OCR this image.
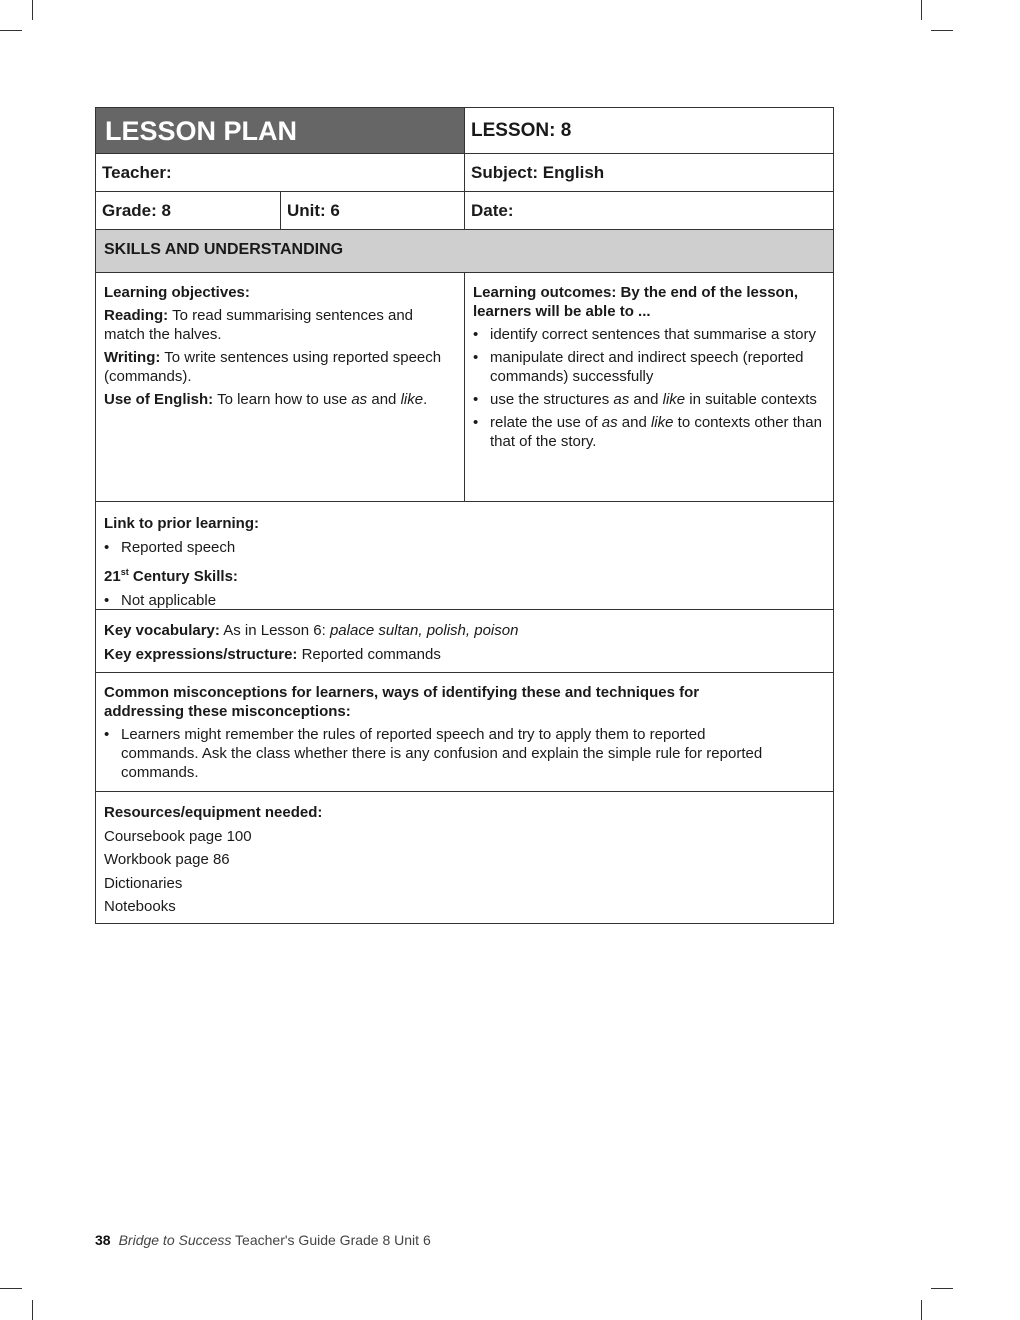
LESSON PLAN	LESSON: 8
Teacher:	Subject: English
Grade: 8	Unit: 6	Date:
SKILLS AND UNDERSTANDING

Learning objectives:

Reading: To read summarising sentences and match the halves.

Writing: To write sentences using reported speech (commands).

Use of English: To learn how to use as and like.

Learning outcomes: By the end of the lesson, learners will be able to ...

• identify correct sentences that summarise a story
• manipulate direct and indirect speech (reported commands) successfully
• use the structures as and like in suitable contexts
• relate the use of as and like to contexts other than that of the story.
Link to prior learning:
• Reported speech
21st Century Skills:
• Not applicable
Key vocabulary: As in Lesson 6: palace sultan, polish, poison
Key expressions/structure: Reported commands

Common misconceptions for learners, ways of identifying these and techniques for addressing these misconceptions:

• Learners might remember the rules of reported speech and try to apply them to reported commands. Ask the class whether there is any confusion and explain the simple rule for reported commands.
Resources/equipment needed:
Coursebook page 100
Workbook page 86
Dictionaries
Notebooks
38 Bridge to Success Teacher's Guide Grade 8 Unit 6
